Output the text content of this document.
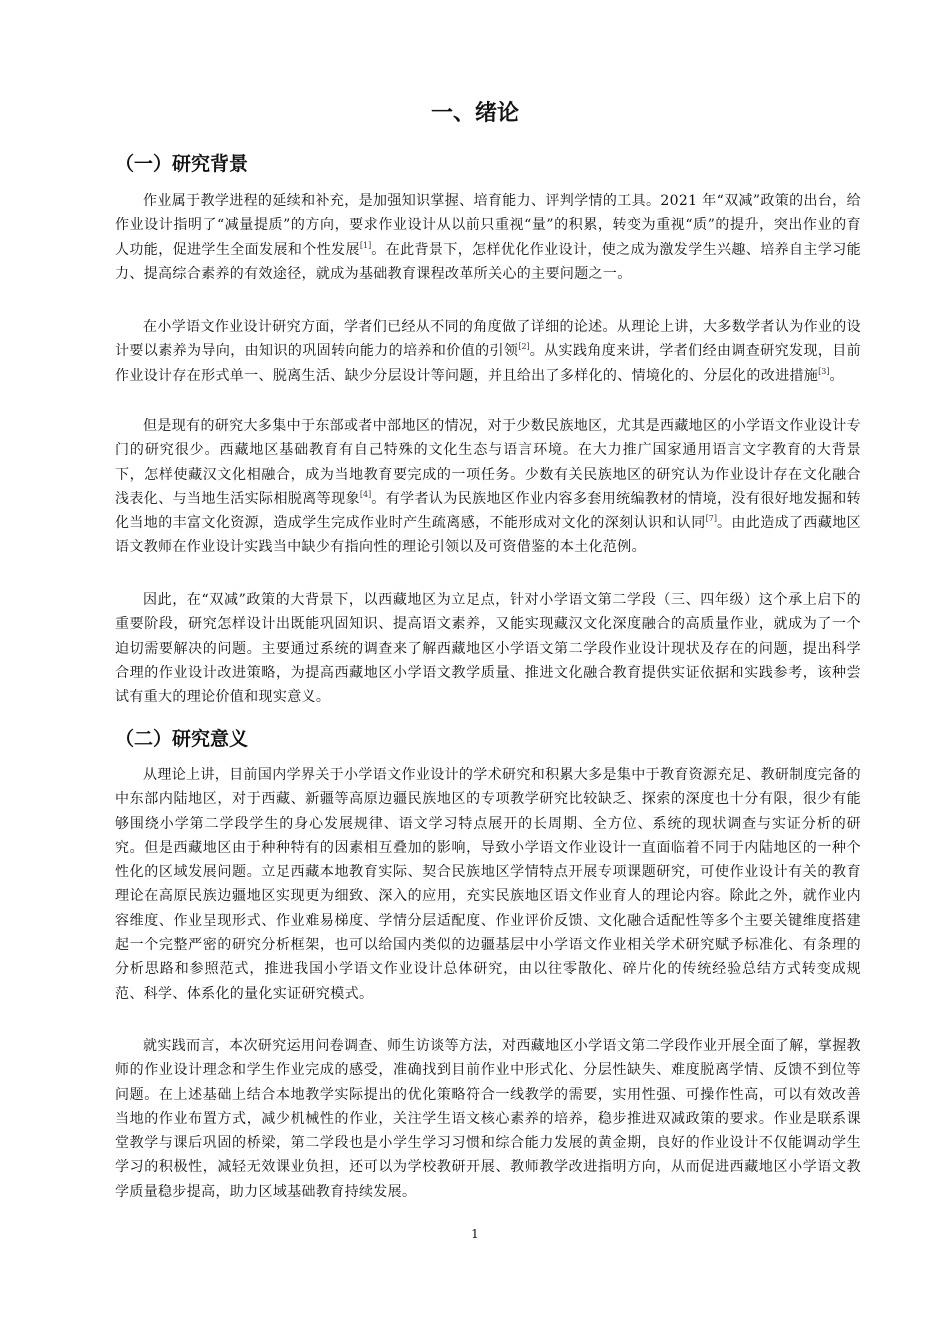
一、绪论
（一）研究背景

作业属于教学进程的延续和补充，是加强知识掌握、培育能力、评判学情的工具。2021 年“双减”政策的出台，给作业设计指明了“减量提质”的方向，要求作业设计从以前只重视“量”的积累，转变为重视“质”的提升，突出作业的育人功能，促进学生全面发展和个性发展[1]。在此背景下，怎样优化作业设计，使之成为激发学生兴趣、培养自主学习能力、提高综合素养的有效途径，就成为基础教育课程改革所关心的主要问题之一。

在小学语文作业设计研究方面，学者们已经从不同的角度做了详细的论述。从理论上讲，大多数学者认为作业的设计要以素养为导向，由知识的巩固转向能力的培养和价值的引领[2]。从实践角度来讲，学者们经由调查研究发现，目前作业设计存在形式单一、脱离生活、缺少分层设计等问题，并且给出了多样化的、情境化的、分层化的改进措施[3]。

但是现有的研究大多集中于东部或者中部地区的情况，对于少数民族地区，尤其是西藏地区的小学语文作业设计专门的研究很少。西藏地区基础教育有自己特殊的文化生态与语言环境。在大力推广国家通用语言文字教育的大背景下，怎样使藏汉文化相融合，成为当地教育要完成的一项任务。少数有关民族地区的研究认为作业设计存在文化融合浅表化、与当地生活实际相脱离等现象[4]。有学者认为民族地区作业内容多套用统编教材的情境，没有很好地发掘和转化当地的丰富文化资源，造成学生完成作业时产生疏离感，不能形成对文化的深刻认识和认同[7]。由此造成了西藏地区语文教师在作业设计实践当中缺少有指向性的理论引领以及可资借鉴的本土化范例。

因此，在“双减”政策的大背景下，以西藏地区为立足点，针对小学语文第二学段（三、四年级）这个承上启下的重要阶段，研究怎样设计出既能巩固知识、提高语文素养，又能实现藏汉文化深度融合的高质量作业，就成为了一个迫切需要解决的问题。主要通过系统的调查来了解西藏地区小学语文第二学段作业设计现状及存在的问题，提出科学合理的作业设计改进策略，为提高西藏地区小学语文教学质量、推进文化融合教育提供实证依据和实践参考，该种尝试有重大的理论价值和现实意义。

（二）研究意义

从理论上讲，目前国内学界关于小学语文作业设计的学术研究和积累大多是集中于教育资源充足、教研制度完备的中东部内陆地区，对于西藏、新疆等高原边疆民族地区的专项教学研究比较缺乏、探索的深度也十分有限，很少有能够围绕小学第二学段学生的身心发展规律、语文学习特点展开的长周期、全方位、系统的现状调查与实证分析的研究。但是西藏地区由于种种特有的因素相互叠加的影响，导致小学语文作业设计一直面临着不同于内陆地区的一种个性化的区域发展问题。立足西藏本地教育实际、契合民族地区学情特点开展专项课题研究，可使作业设计有关的教育理论在高原民族边疆地区实现更为细致、深入的应用，充实民族地区语文作业育人的理论内容。除此之外，就作业内容维度、作业呈现形式、作业难易梯度、学情分层适配度、作业评价反馈、文化融合适配性等多个主要关键维度搭建起一个完整严密的研究分析框架，也可以给国内类似的边疆基层中小学语文作业相关学术研究赋予标准化、有条理的分析思路和参照范式，推进我国小学语文作业设计总体研究，由以往零散化、碎片化的传统经验总结方式转变成规范、科学、体系化的量化实证研究模式。

就实践而言，本次研究运用问卷调查、师生访谈等方法，对西藏地区小学语文第二学段作业开展全面了解，掌握教师的作业设计理念和学生作业完成的感受，准确找到目前作业中形式化、分层性缺失、难度脱离学情、反馈不到位等问题。在上述基础上结合本地教学实际提出的优化策略符合一线教学的需要，实用性强、可操作性高，可以有效改善当地的作业布置方式，减少机械性的作业，关注学生语文核心素养的培养，稳步推进双减政策的要求。作业是联系课堂教学与课后巩固的桥梁，第二学段也是小学生学习习惯和综合能力发展的黄金期，良好的作业设计不仅能调动学生学习的积极性，减轻无效课业负担，还可以为学校教研开展、教师教学改进指明方向，从而促进西藏地区小学语文教学质量稳步提高，助力区域基础教育持续发展。

1
